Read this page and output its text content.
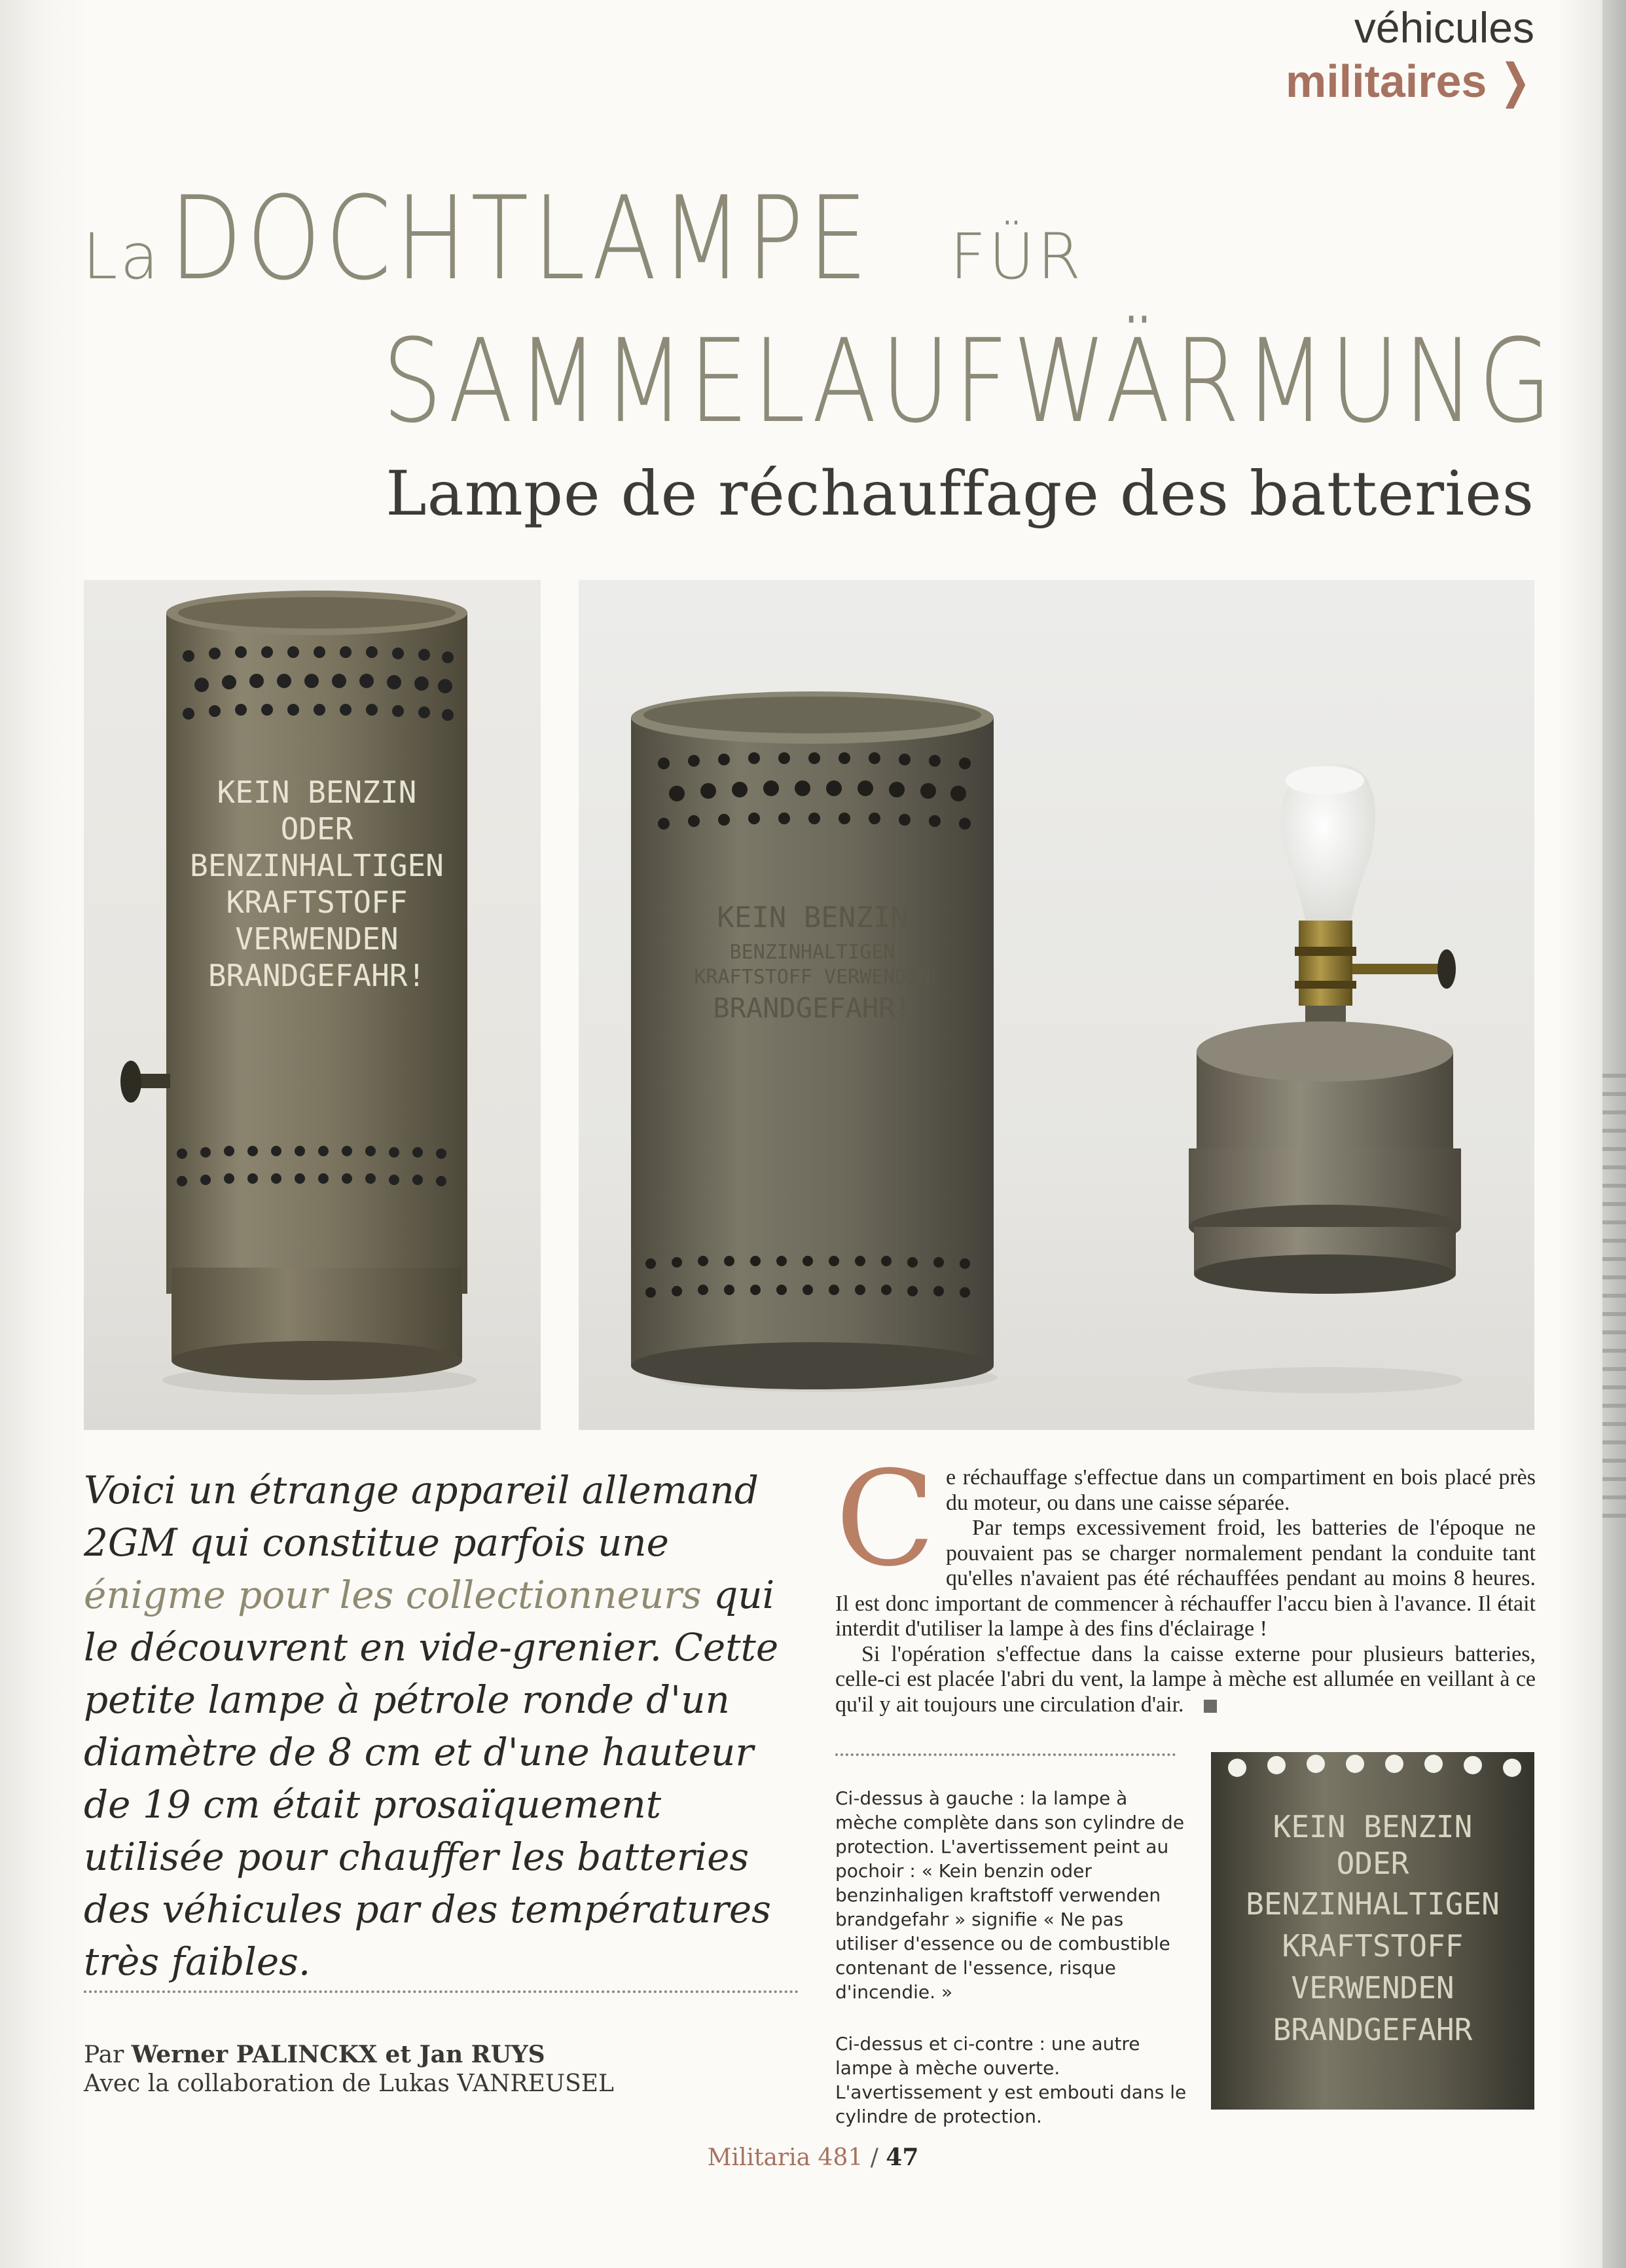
véhicules
militaires ❭
La DOCHTLAMPE FÜR
SAMMELAUFWÄRMUNG
Lampe de réchauffage des batteries
KEIN BENZIN
ODER
BENZINHALTIGEN
KRAFTSTOFF
VERWENDEN
BRANDGEFAHR!
KEIN BENZIN
BENZINHALTIGEN
KRAFTSTOFF VERWENDEN
BRANDGEFAHR!
Voici un étrange appareil allemand 2GM qui constitue parfois une énigme pour les collectionneurs qui le découvrent en vide-grenier. Cette petite lampe à pétrole ronde d'un diamètre de 8 cm et d'une hauteur de 19 cm était prosaïquement utilisée pour chauffer les batteries des véhicules par des températures très faibles.
Par Werner PALINCKX et Jan RUYS
Avec la collaboration de Lukas VANREUSEL

Ce réchauffage s'effectue dans un compartiment en bois placé près du moteur, ou dans une caisse séparée.

Par temps excessivement froid, les batteries de l'époque ne pouvaient pas se charger normalement pendant la conduite tant qu'elles n'avaient pas été réchauffées pendant au moins 8 heures. Il est donc important de commencer à réchauffer l'accu bien à l'avance. Il était interdit d'utiliser la lampe à des fins d'éclairage !

Si l'opération s'effectue dans la caisse externe pour plusieurs batteries, celle-ci est placée l'abri du vent, la lampe à mèche est allumée en veillant à ce qu'il y ait toujours une circulation d'air.

Ci-dessus à gauche : la lampe à mèche complète dans son cylindre de protection. L'avertissement peint au pochoir : « Kein benzin oder benzinhaligen kraftstoff verwenden brandgefahr » signifie « Ne pas utiliser d'essence ou de combustible contenant de l'essence, risque d'incendie. »

Ci-dessus et ci-contre : une autre lampe à mèche ouverte. L'avertissement y est embouti dans le cylindre de protection.

KEIN BENZIN
ODER
BENZINHALTIGEN
KRAFTSTOFF
VERWENDEN
BRANDGEFAHR
Militaria 481 / 47
